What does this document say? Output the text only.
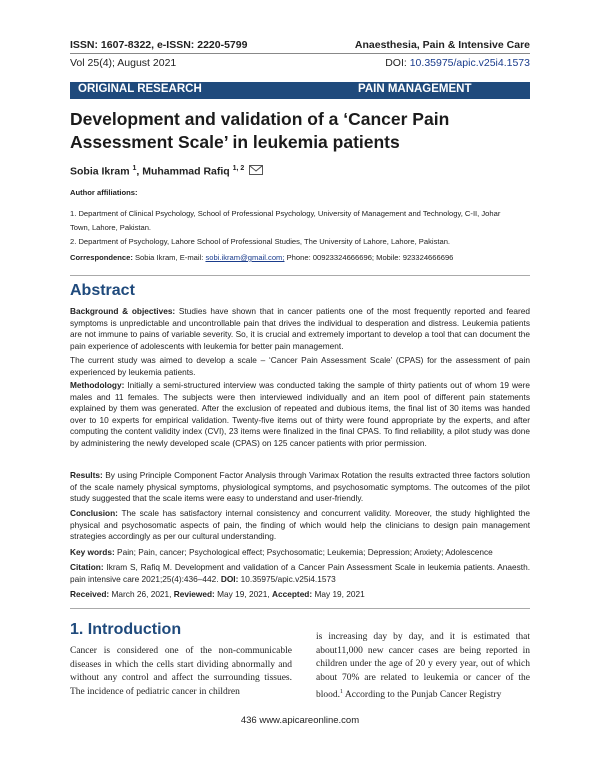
ISSN: 1607-8322, e-ISSN: 2220-5799	Anaesthesia, Pain & Intensive Care
Vol 25(4); August 2021	DOI: 10.35975/apic.v25i4.1573
ORIGINAL RESEARCH	PAIN MANAGEMENT
Development and validation of a ‘Cancer Pain
Assessment Scale’ in leukemia patients
Sobia Ikram $^1$, Muhammad Rafiq $^{1, 2}$
Author affiliations:
1. Department of Clinical Psychology, School of Professional Psychology, University of Management and Technology, C-II, Johar
Town, Lahore, Pakistan.
2. Department of Psychology, Lahore School of Professional Studies, The University of Lahore, Lahore, Pakistan.
Correspondence: Sobia Ikram, E-mail: sobi.ikram@gmail.com; Phone: 00923324666696; Mobile: 923324666696
Abstract
Background & objectives: Studies have shown that in cancer patients one of the most frequently reported and feared symptoms is unpredictable and uncontrollable pain that drives the individual to desperation and distress. Leukemia patients are not immune to pains of variable severity. So, it is crucial and extremely important to develop a tool that can document the pain experience of adolescents with leukemia for better pain management.
The current study was aimed to develop a scale – ‘Cancer Pain Assessment Scale’ (CPAS) for the assessment of pain experienced by leukemia patients.
Methodology: Initially a semi-structured interview was conducted taking the sample of thirty patients out of whom 19 were males and 11 females. The subjects were then interviewed individually and an item pool of different pain statements explained by them was generated. After the exclusion of repeated and dubious items, the final list of 30 items was handed over to 10 experts for empirical validation. Twenty-five items out of thirty were found appropriate by the experts, and after computing the content validity index (CVI), 23 items were finalized in the final CPAS. To find reliability, a pilot study was done by administering the newly developed scale (CPAS) on 125 cancer patients with prior permission.
Results: By using Principle Component Factor Analysis through Varimax Rotation the results extracted three factors solution of the scale namely physical symptoms, physiological symptoms, and psychosomatic symptoms. The outcomes of the pilot study suggested that the scale items were easy to understand and user-friendly.
Conclusion: The scale has satisfactory internal consistency and concurrent validity. Moreover, the study highlighted the physical and psychosomatic aspects of pain, the finding of which would help the clinicians to design pain management strategies accordingly as per our cultural understanding.
Key words: Pain; Pain, cancer; Psychological effect; Psychosomatic; Leukemia; Depression; Anxiety; Adolescence
Citation: Ikram S, Rafiq M. Development and validation of a Cancer Pain Assessment Scale in leukemia patients. Anaesth. pain intensive care 2021;25(4):436–442. DOI: 10.35975/apic.v25i4.1573
Received: March 26, 2021, Reviewed: May 19, 2021, Accepted: May 19, 2021
1. Introduction
Cancer is considered one of the non-communicable diseases in which the cells start dividing abnormally and without any control and affect the surrounding tissues. The incidence of pediatric cancer in children
is increasing day by day, and it is estimated that about11,000 new cancer cases are being reported in children under the age of 20 y every year, out of which about 70% are related to leukemia or cancer of the blood.$^1$ According to the Punjab Cancer Registry
436 www.apicareonline.com
